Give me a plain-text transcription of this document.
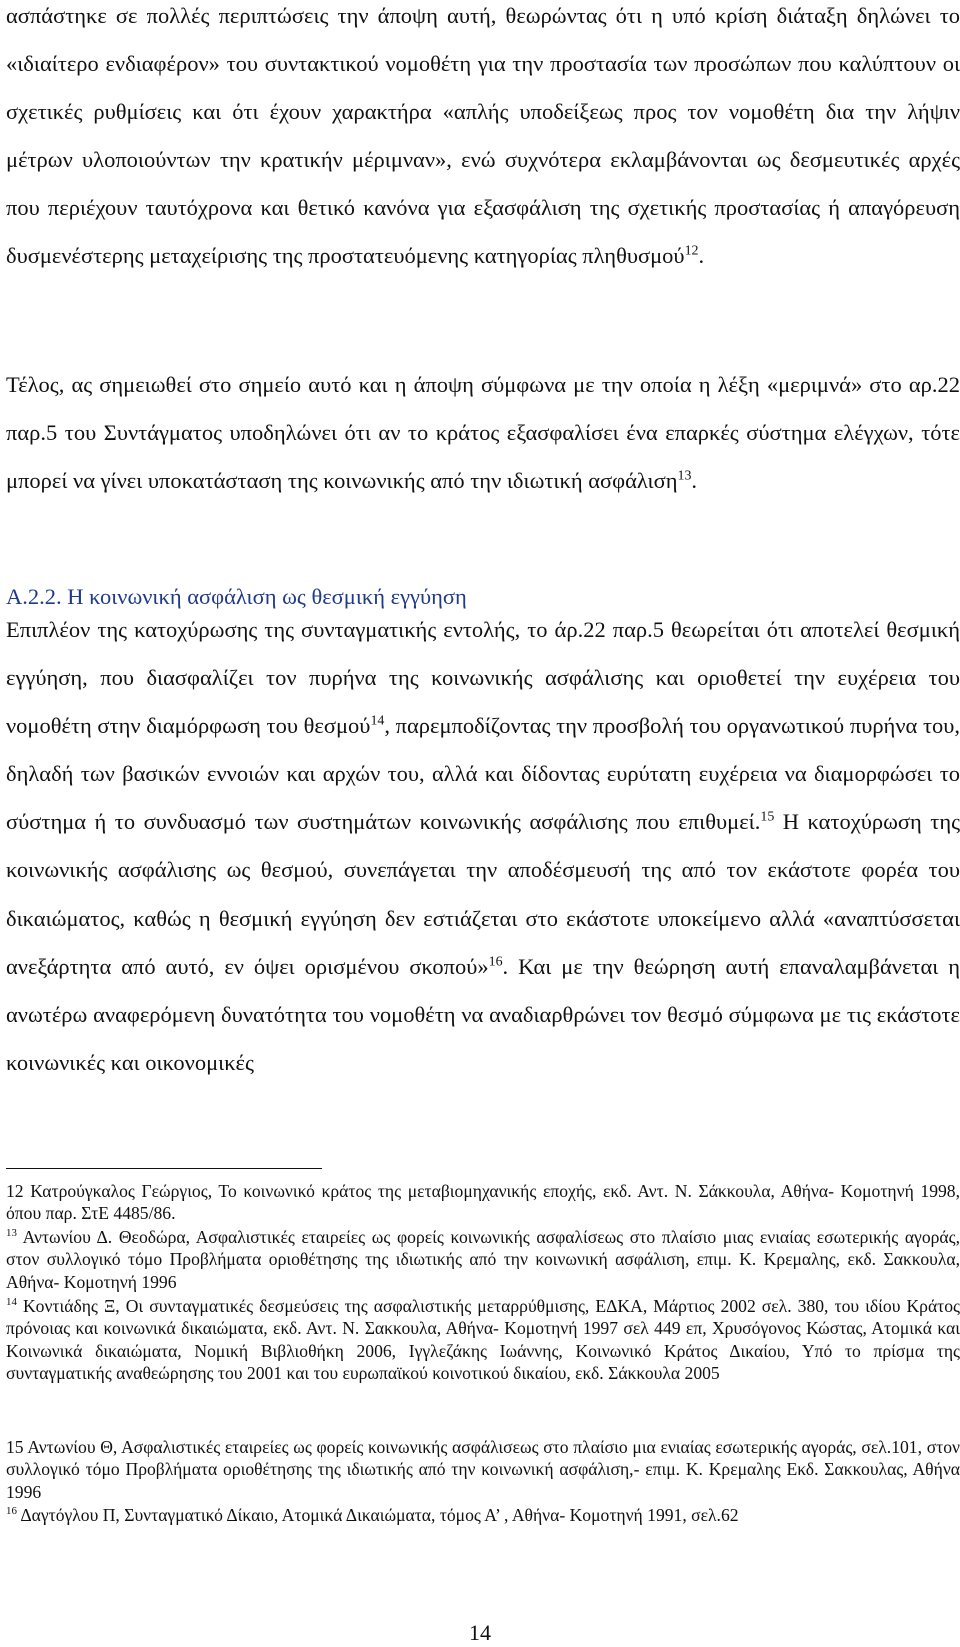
ασπάστηκε σε πολλές περιπτώσεις την άποψη αυτή, θεωρώντας ότι η υπό κρίση διάταξη δηλώνει το «ιδιαίτερο ενδιαφέρον» του συντακτικού νομοθέτη για την προστασία των προσώπων που καλύπτουν οι σχετικές ρυθμίσεις και ότι έχουν χαρακτήρα «απλής υποδείξεως προς τον νομοθέτη δια την λήψιν μέτρων υλοποιούντων την κρατικήν μέριμναν», ενώ συχνότερα εκλαμβάνονται ως δεσμευτικές αρχές που περιέχουν ταυτόχρονα και θετικό κανόνα για εξασφάλιση της σχετικής προστασίας ή απαγόρευση δυσμενέστερης μεταχείρισης της προστατευόμενης κατηγορίας πληθυσμού$^{12}$.

Τέλος, ας σημειωθεί στο σημείο αυτό και η άποψη σύμφωνα με την οποία η λέξη «μεριμνά» στο αρ.22 παρ.5 του Συντάγματος υποδηλώνει ότι αν το κράτος εξασφαλίσει ένα επαρκές σύστημα ελέγχων, τότε μπορεί να γίνει υποκατάσταση της κοινωνικής από την ιδιωτική ασφάλιση$^{13}$.

Α.2.2. Η κοινωνική ασφάλιση ως θεσμική εγγύηση

Επιπλέον της κατοχύρωσης της συνταγματικής εντολής, το άρ.22 παρ.5 θεωρείται ότι αποτελεί θεσμική εγγύηση, που διασφαλίζει τον πυρήνα της κοινωνικής ασφάλισης και οριοθετεί την ευχέρεια του νομοθέτη στην διαμόρφωση του θεσμού$^{14}$, παρεμποδίζοντας την προσβολή του οργανωτικού πυρήνα του, δηλαδή των βασικών εννοιών και αρχών του, αλλά και δίδοντας ευρύτατη ευχέρεια να διαμορφώσει το σύστημα ή το συνδυασμό των συστημάτων κοινωνικής ασφάλισης που επιθυμεί.$^{15}$ Η κατοχύρωση της κοινωνικής ασφάλισης ως θεσμού, συνεπάγεται την αποδέσμευσή της από τον εκάστοτε φορέα του δικαιώματος, καθώς η θεσμική εγγύηση δεν εστιάζεται στο εκάστοτε υποκείμενο αλλά «αναπτύσσεται ανεξάρτητα από αυτό, εν όψει ορισμένου σκοπού»$^{16}$. Και με την θεώρηση αυτή επαναλαμβάνεται η ανωτέρω αναφερόμενη δυνατότητα του νομοθέτη να αναδιαρθρώνει τον θεσμό σύμφωνα με τις εκάστοτε κοινωνικές και οικονομικές

12 Κατρούγκαλος Γεώργιος, Το κοινωνικό κράτος της μεταβιομηχανικής εποχής, εκδ. Αντ. Ν. Σάκκουλα, Αθήνα- Κομοτηνή 1998, όπου παρ. ΣτΕ 4485/86.

$^{13}$ Αντωνίου Δ. Θεοδώρα, Ασφαλιστικές εταιρείες ως φορείς κοινωνικής ασφαλίσεως στο πλαίσιο μιας ενιαίας εσωτερικής αγοράς, στον συλλογικό τόμο Προβλήματα οριοθέτησης της ιδιωτικής από την κοινωνική ασφάλιση, επιμ. Κ. Κρεμαλης, εκδ. Σακκουλα, Αθήνα- Κομοτηνή 1996

$^{14}$ Κοντιάδης Ξ, Οι συνταγματικές δεσμεύσεις της ασφαλιστικής μεταρρύθμισης, ΕΔΚΑ, Μάρτιος 2002 σελ. 380, του ιδίου Κράτος πρόνοιας και κοινωνικά δικαιώματα, εκδ. Αντ. Ν. Σακκουλα, Αθήνα- Κομοτηνή 1997 σελ 449 επ, Χρυσόγονος Κώστας, Ατομικά και Κοινωνικά δικαιώματα, Νομική Βιβλιοθήκη 2006, Ιγγλεζάκης Ιωάννης, Κοινωνικό Κράτος Δικαίου, Υπό το πρίσμα της συνταγματικής αναθεώρησης του 2001 και του ευρωπαϊκού κοινοτικού δικαίου, εκδ. Σάκκουλα 2005

15 Αντωνίου Θ, Ασφαλιστικές εταιρείες ως φορείς κοινωνικής ασφάλισεως στο πλαίσιο μια ενιαίας εσωτερικής αγοράς, σελ.101, στον συλλογικό τόμο Προβλήματα οριοθέτησης της ιδιωτικής από την κοινωνική ασφάλιση,- επιμ. Κ. Κρεμαλης Εκδ. Σακκουλας, Αθήνα 1996

$^{16}$ Δαγτόγλου Π, Συνταγματικό Δίκαιο, Ατομικά Δικαιώματα, τόμος Α’ , Αθήνα- Κομοτηνή 1991, σελ.62

14
